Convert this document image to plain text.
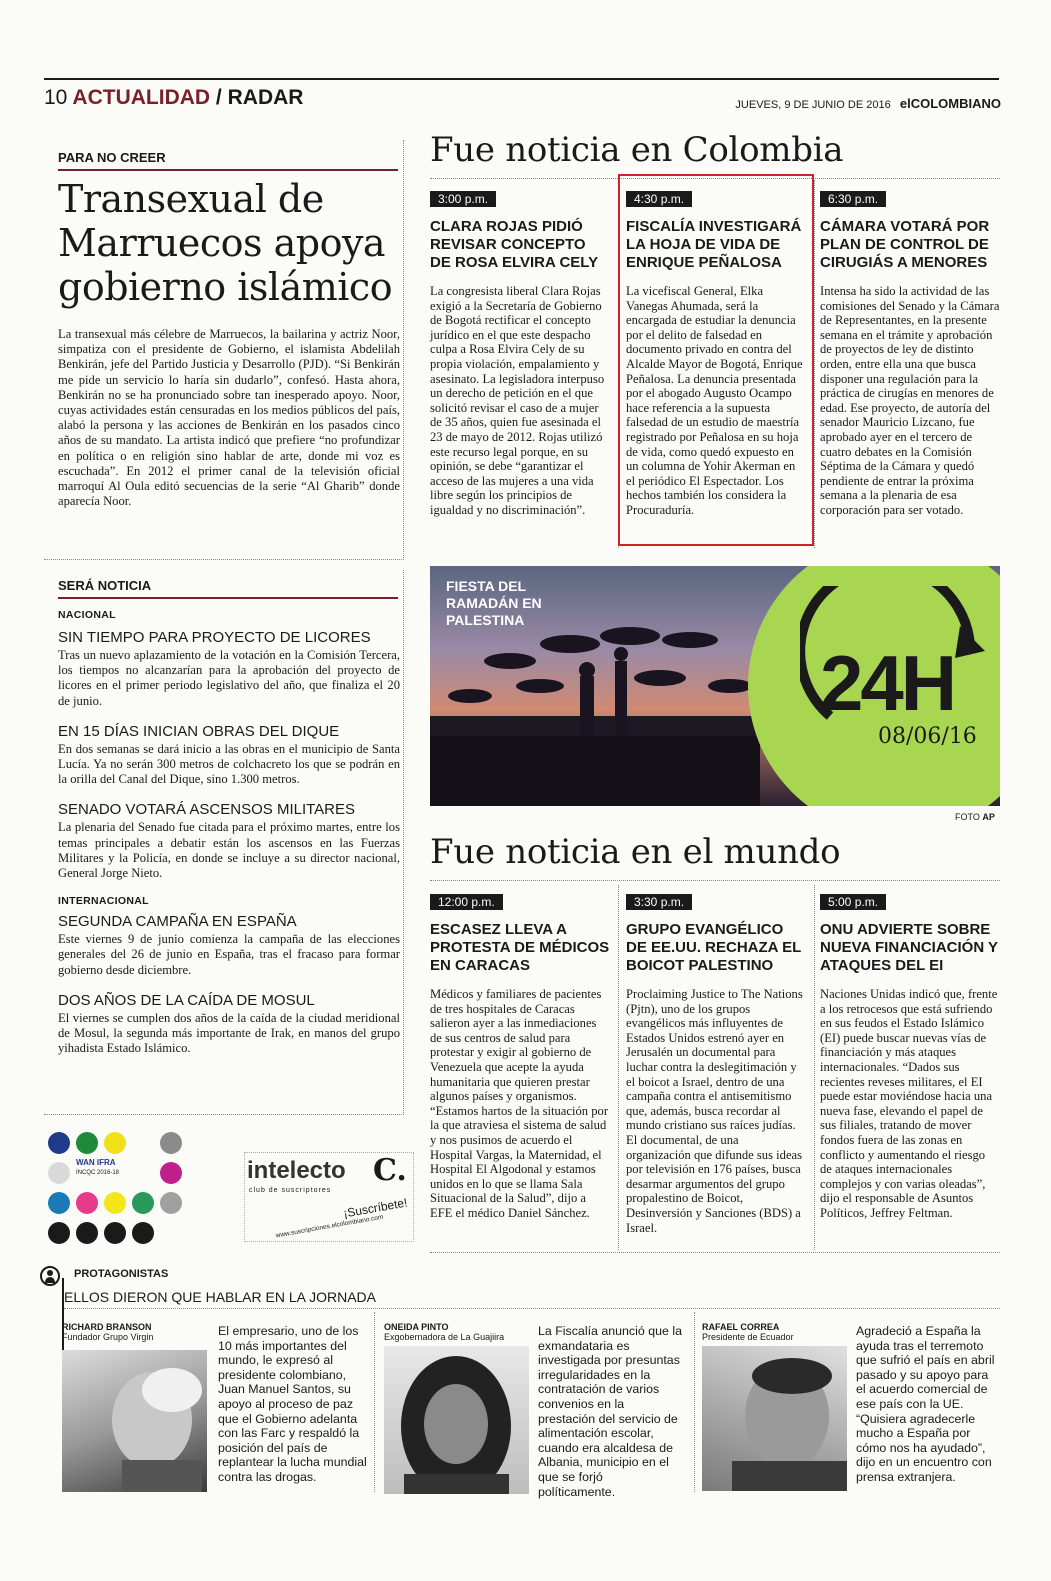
10 ACTUALIDAD / RADAR	JUEVES, 9 DE JUNIO DE 2016 elCOLOMBIANO
PARA NO CREER
Transexual de
Marruecos apoya
gobierno islámico
La transexual más célebre de Marruecos, la bailarina y actriz Noor, simpatiza con el presidente de Gobierno, el islamista Abdelilah Benkirán, jefe del Partido Justicia y Desarrollo (PJD). “Si Benkirán me pide un servicio lo haría sin dudarlo”, confesó. Hasta ahora, Benkirán no se ha pronunciado sobre tan inesperado apoyo. Noor, cuyas actividades están censuradas en los medios públicos del país, alabó la persona y las acciones de Benkirán en los pasados cinco años de su mandato. La artista indicó que prefiere “no profundizar en política o en religión sino hablar de arte, donde mi voz es escuchada”. En 2012 el primer canal de la televisión oficial marroquí Al Oula editó secuencias de la serie “Al Gharib” donde aparecía Noor.
SERÁ NOTICIA
NACIONAL
SIN TIEMPO PARA PROYECTO DE LICORES
Tras un nuevo aplazamiento de la votación en la Comisión Tercera, los tiempos no alcanzarían para la aprobación del proyecto de licores en el primer periodo legislativo del año, que finaliza el 20 de junio.
EN 15 DÍAS INICIAN OBRAS DEL DIQUE
En dos semanas se dará inicio a las obras en el municipio de Santa Lucía. Ya no serán 300 metros de colchacreto los que se podrán en la orilla del Canal del Dique, sino 1.300 metros.
SENADO VOTARÁ ASCENSOS MILITARES
La plenaria del Senado fue citada para el próximo martes, entre los temas principales a debatir están los ascensos en las Fuerzas Militares y la Policía, en donde se incluye a su director nacional, General Jorge Nieto.
INTERNACIONAL
SEGUNDA CAMPAÑA EN ESPAÑA
Este viernes 9 de junio comienza la campaña de las elecciones generales del 26 de junio en España, tras el fracaso para formar gobierno desde diciembre.
DOS AÑOS DE LA CAÍDA DE MOSUL
El viernes se cumplen dos años de la caída de la ciudad meridional de Mosul, la segunda más importante de Irak, en manos del grupo yihadista Estado Islámico.
WAN IFRA
INCQC 2016-18	intelecto C.
club de suscriptores
¡Suscríbete!
www.suscripciones.elcolombiano.com
Fue noticia en Colombia
3:00 p.m.
CLARA ROJAS PIDIÓ REVISAR CONCEPTO DE ROSA ELVIRA CELY
La congresista liberal Clara Rojas exigió a la Secretaría de Gobierno de Bogotá rectificar el concepto jurídico en el que este despacho culpa a Rosa Elvira Cely de su propia violación, empalamiento y asesinato. La legisladora interpuso un derecho de petición en el que solicitó revisar el caso de a mujer de 35 años, quien fue asesinada el 23 de mayo de 2012. Rojas utilizó este recurso legal porque, en su opinión, se debe “garantizar el acceso de las mujeres a una vida libre según los principios de igualdad y no discriminación”.
4:30 p.m.
FISCALÍA INVESTIGARÁ LA HOJA DE VIDA DE ENRIQUE PEÑALOSA
La vicefiscal General, Elka Vanegas Ahumada, será la encargada de estudiar la denuncia por el delito de falsedad en documento privado en contra del Alcalde Mayor de Bogotá, Enrique Peñalosa. La denuncia presentada por el abogado Augusto Ocampo hace referencia a la supuesta falsedad de un estudio de maestría registrado por Peñalosa en su hoja de vida, como quedó expuesto en un columna de Yohir Akerman en el periódico El Espectador. Los hechos también los considera la Procuraduría.
6:30 p.m.
CÁMARA VOTARÁ POR PLAN DE CONTROL DE CIRUGIÁS A MENORES
Intensa ha sido la actividad de las comisiones del Senado y la Cámara de Representantes, en la presente semana en el trámite y aprobación de proyectos de ley de distinto orden, entre ella una que busca disponer una regulación para la práctica de cirugías en menores de edad. Ese proyecto, de autoría del senador Mauricio Lizcano, fue aprobado ayer en el tercero de cuatro debates en la Comisión Séptima de la Cámara y quedó pendiente de entrar la próxima semana a la plenaria de esa corporación para ser votado.
FIESTA DEL
RAMADÁN EN
PALESTINA
24H
08/06/16
FOTO AP
Fue noticia en el mundo
12:00 p.m.
ESCASEZ LLEVA A PROTESTA DE MÉDICOS EN CARACAS
Médicos y familiares de pacientes de tres hospitales de Caracas salieron ayer a las inmediaciones de sus centros de salud para protestar y exigir al gobierno de Venezuela que acepte la ayuda humanitaria que quieren prestar algunos países y organismos. “Estamos hartos de la situación por la que atraviesa el sistema de salud y nos pusimos de acuerdo el Hospital Vargas, la Maternidad, el Hospital El Algodonal y estamos unidos en lo que se llama Sala Situacional de la Salud”, dijo a EFE el médico Daniel Sánchez.
3:30 p.m.
GRUPO EVANGÉLICO DE EE.UU. RECHAZA EL BOICOT PALESTINO
Proclaiming Justice to The Nations (Pjtn), uno de los grupos evangélicos más influyentes de Estados Unidos estrenó ayer en Jerusalén un documental para luchar contra la deslegitimación y el boicot a Israel, dentro de una campaña contra el antisemitismo que, además, busca recordar al mundo cristiano sus raíces judías. El documental, de una organización que difunde sus ideas por televisión en 176 países, busca desarmar argumentos del grupo propalestino de Boicot, Desinversión y Sanciones (BDS) a Israel.
5:00 p.m.
ONU ADVIERTE SOBRE NUEVA FINANCIACIÓN Y ATAQUES DEL EI
Naciones Unidas indicó que, frente a los retrocesos que está sufriendo en sus feudos el Estado Islámico (EI) puede buscar nuevas vías de financiación y más ataques internacionales. “Dados sus recientes reveses militares, el EI puede estar moviéndose hacia una nueva fase, elevando el papel de sus filiales, tratando de mover fondos fuera de las zonas en conflicto y aumentando el riesgo de ataques internacionales complejos y con varias oleadas”, dijo el responsable de Asuntos Políticos, Jeffrey Feltman.
PROTAGONISTAS
ELLOS DIERON QUE HABLAR EN LA JORNADA
RICHARD BRANSON
Fundador Grupo Virgin	El empresario, uno de los 10 más importantes del mundo, le expresó al presidente colombiano, Juan Manuel Santos, su apoyo al proceso de paz que el Gobierno adelanta con las Farc y respaldó la posición del país de replantear la lucha mundial contra las drogas.
ONEIDA PINTO
Exgobernadora de La Guajiira	La Fiscalía anunció que la exmandataria es investigada por presuntas irregularidades en la contratación de varios convenios en la prestación del servicio de alimentación escolar, cuando era alcaldesa de Albania, municipio en el que se forjó políticamente.
RAFAEL CORREA
Presidente de Ecuador	Agradeció a España la ayuda tras el terremoto que sufrió el país en abril pasado y su apoyo para el acuerdo comercial de ese país con la UE. “Quisiera agradecerle mucho a España por cómo nos ha ayudado”, dijo en un encuentro con prensa extranjera.
